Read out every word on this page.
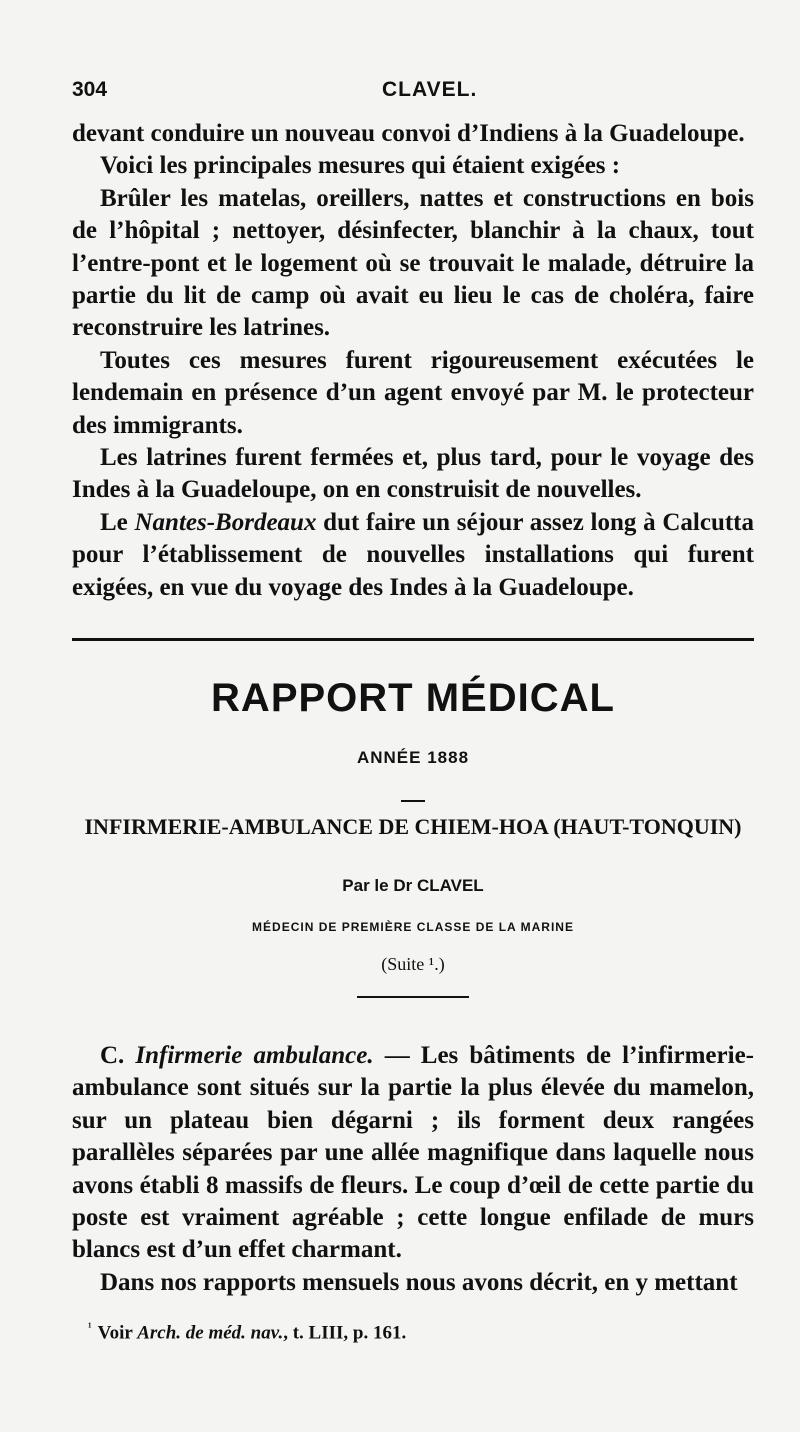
304	CLAVEL.

devant conduire un nouveau convoi d’Indiens à la Guadeloupe.

Voici les principales mesures qui étaient exigées :

Brûler les matelas, oreillers, nattes et constructions en bois de l’hôpital ; nettoyer, désinfecter, blanchir à la chaux, tout l’entre-pont et le logement où se trouvait le malade, détruire la partie du lit de camp où avait eu lieu le cas de choléra, faire reconstruire les latrines.

Toutes ces mesures furent rigoureusement exécutées le lendemain en présence d’un agent envoyé par M. le protecteur des immigrants.

Les latrines furent fermées et, plus tard, pour le voyage des Indes à la Guadeloupe, on en construisit de nouvelles.

Le Nantes-Bordeaux dut faire un séjour assez long à Calcutta pour l’établissement de nouvelles installations qui furent exigées, en vue du voyage des Indes à la Guadeloupe.

RAPPORT MÉDICAL
ANNÉE 1888
INFIRMERIE-AMBULANCE DE CHIEM-HOA (HAUT-TONQUIN)
Par le Dr CLAVEL
MÉDECIN DE PREMIÈRE CLASSE DE LA MARINE
(Suite ¹.)

C. Infirmerie ambulance. — Les bâtiments de l’infirmerie-ambulance sont situés sur la partie la plus élevée du mamelon, sur un plateau bien dégarni ; ils forment deux rangées parallèles séparées par une allée magnifique dans laquelle nous avons établi 8 massifs de fleurs. Le coup d’œil de cette partie du poste est vraiment agréable ; cette longue enfilade de murs blancs est d’un effet charmant.

Dans nos rapports mensuels nous avons décrit, en y mettant

$^{^1}$ Voir Arch. de méd. nav., t. LIII, p. 161.
